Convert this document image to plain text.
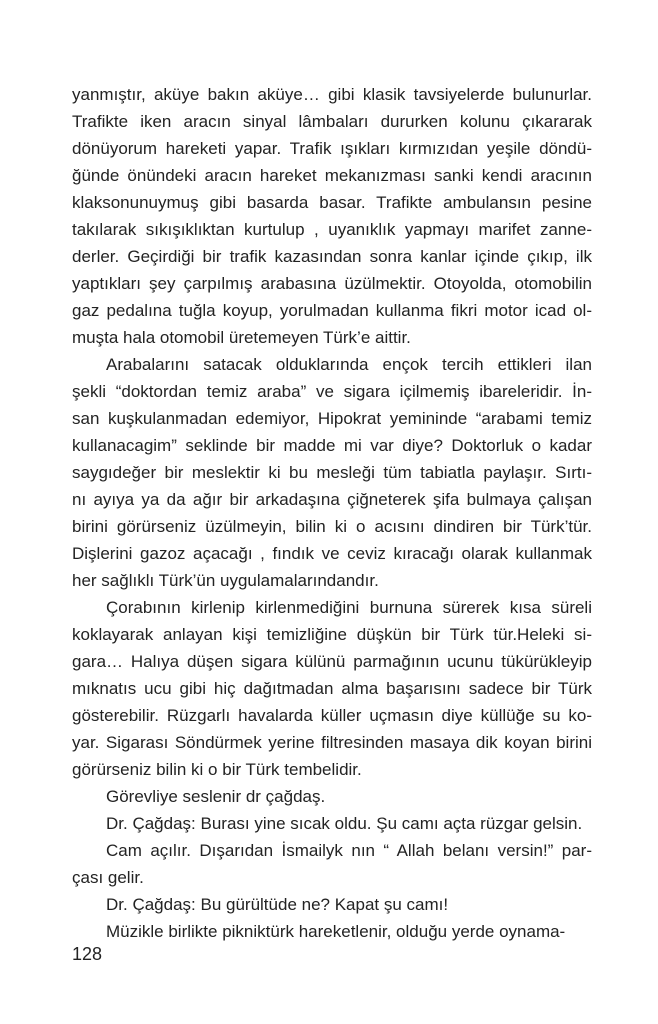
yanmıştır, aküye bakın aküye… gibi klasik tavsiyelerde bulunurlar.
Trafikte iken aracın sinyal lâmbaları dururken kolunu çıkararak
dönüyorum hareketi yapar. Trafik ışıkları kırmızıdan yeşile döndü-
ğünde önündeki aracın hareket mekanızması sanki kendi aracının
klaksonunuymuş gibi basarda basar. Trafikte ambulansın pesine
takılarak sıkışıklıktan kurtulup , uyanıklık yapmayı marifet zanne-
derler. Geçirdiği bir trafik kazasından sonra kanlar içinde çıkıp, ilk
yaptıkları şey çarpılmış arabasına üzülmektir. Otoyolda, otomobilin
gaz pedalına tuğla koyup, yorulmadan kullanma fikri motor icad ol-
muşta hala otomobil üretemeyen Türk’e aittir.
Arabalarını satacak olduklarında ençok tercih ettikleri ilan
şekli “doktordan temiz araba” ve sigara içilmemiş ibareleridir. İn-
san kuşkulanmadan edemiyor, Hipokrat yemininde “arabami temiz
kullanacagim” seklinde bir madde mi var diye? Doktorluk o kadar
saygıdeğer bir meslektir ki bu mesleği tüm tabiatla paylaşır. Sırtı-
nı ayıya ya da ağır bir arkadaşına çiğneterek şifa bulmaya çalışan
birini görürseniz üzülmeyin, bilin ki o acısını dindiren bir Türk’tür.
Dişlerini gazoz açacağı , fındık ve ceviz kıracağı olarak kullanmak
her sağlıklı Türk’ün uygulamalarındandır.
Çorabının kirlenip kirlenmediğini burnuna sürerek kısa süreli
koklayarak anlayan kişi temizliğine düşkün bir Türk tür.Heleki si-
gara… Halıya düşen sigara külünü parmağının ucunu tükürükleyip
mıknatıs ucu gibi hiç dağıtmadan alma başarısını sadece bir Türk
gösterebilir. Rüzgarlı havalarda küller uçmasın diye küllüğe su ko-
yar. Sigarası Söndürmek yerine filtresinden masaya dik koyan birini
görürseniz bilin ki o bir Türk tembelidir.
Görevliye seslenir dr çağdaş.
Dr. Çağdaş: Burası yine sıcak oldu. Şu camı açta rüzgar gelsin.
Cam açılır. Dışarıdan İsmailyk nın “ Allah belanı versin!” par-
çası gelir.
Dr. Çağdaş: Bu gürültüde ne? Kapat şu camı!
Müzikle birlikte pikniktürk hareketlenir, olduğu yerde oynama-
128
